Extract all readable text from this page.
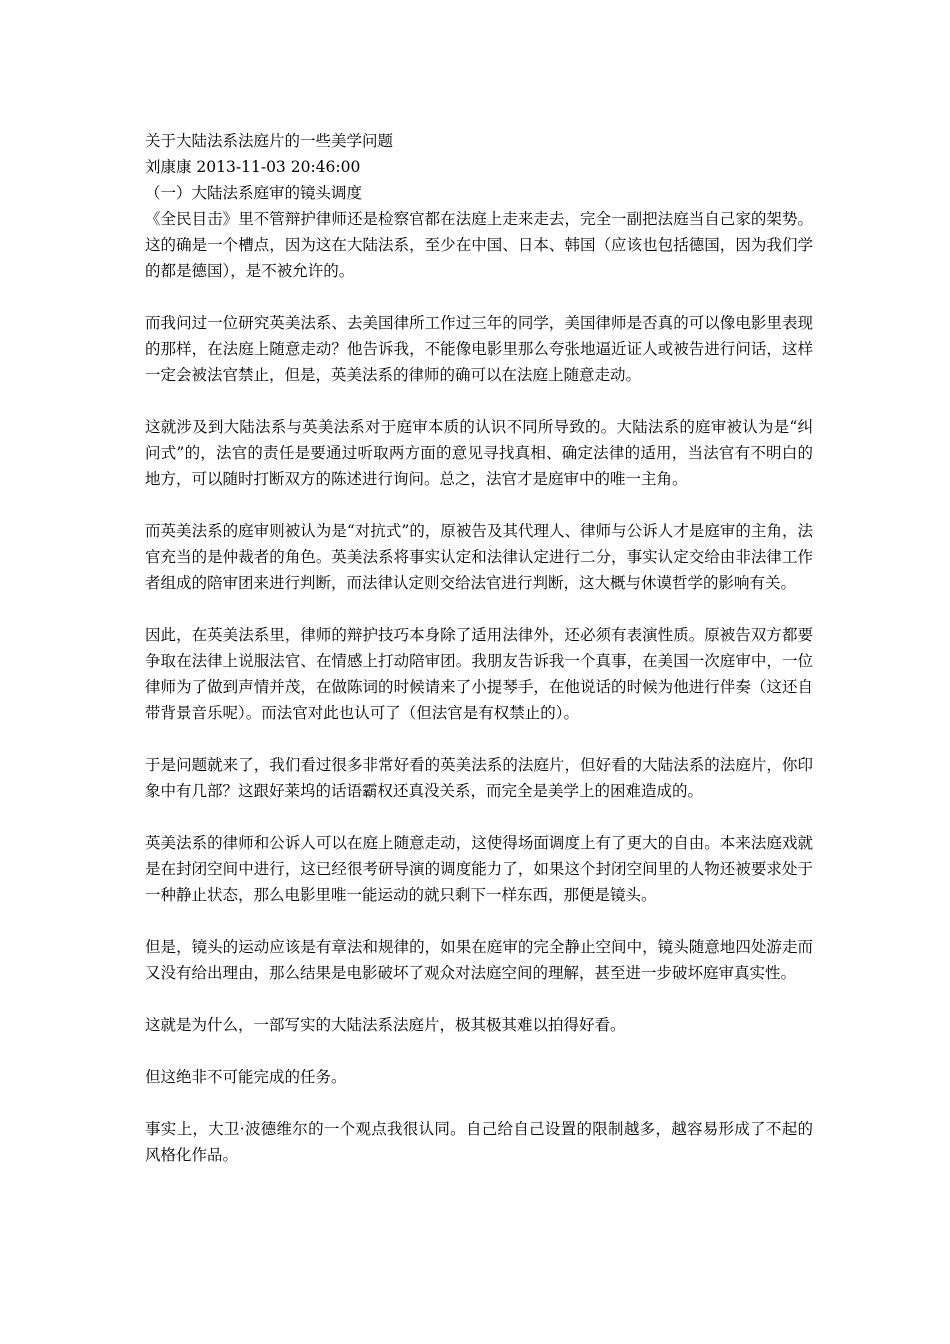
关于大陆法系法庭片的一些美学问题

刘康康 2013-11-03 20:46:00

（一）大陆法系庭审的镜头调度

《全民目击》里不管辩护律师还是检察官都在法庭上走来走去，完全一副把法庭当自己家的架势。这的确是一个槽点，因为这在大陆法系，至少在中国、日本、韩国（应该也包括德国，因为我们学的都是德国），是不被允许的。

而我问过一位研究英美法系、去美国律所工作过三年的同学，美国律师是否真的可以像电影里表现的那样，在法庭上随意走动？他告诉我，不能像电影里那么夸张地逼近证人或被告进行问话，这样一定会被法官禁止，但是，英美法系的律师的确可以在法庭上随意走动。

这就涉及到大陆法系与英美法系对于庭审本质的认识不同所导致的。大陆法系的庭审被认为是“纠问式”的，法官的责任是要通过听取两方面的意见寻找真相、确定法律的适用，当法官有不明白的地方，可以随时打断双方的陈述进行询问。总之，法官才是庭审中的唯一主角。

而英美法系的庭审则被认为是“对抗式”的，原被告及其代理人、律师与公诉人才是庭审的主角，法官充当的是仲裁者的角色。英美法系将事实认定和法律认定进行二分，事实认定交给由非法律工作者组成的陪审团来进行判断，而法律认定则交给法官进行判断，这大概与休谟哲学的影响有关。

因此，在英美法系里，律师的辩护技巧本身除了适用法律外，还必须有表演性质。原被告双方都要争取在法律上说服法官、在情感上打动陪审团。我朋友告诉我一个真事，在美国一次庭审中，一位律师为了做到声情并茂，在做陈词的时候请来了小提琴手，在他说话的时候为他进行伴奏（这还自带背景音乐呢）。而法官对此也认可了（但法官是有权禁止的）。

于是问题就来了，我们看过很多非常好看的英美法系的法庭片，但好看的大陆法系的法庭片，你印象中有几部？这跟好莱坞的话语霸权还真没关系，而完全是美学上的困难造成的。

英美法系的律师和公诉人可以在庭上随意走动，这使得场面调度上有了更大的自由。本来法庭戏就是在封闭空间中进行，这已经很考研导演的调度能力了，如果这个封闭空间里的人物还被要求处于一种静止状态，那么电影里唯一能运动的就只剩下一样东西，那便是镜头。

但是，镜头的运动应该是有章法和规律的，如果在庭审的完全静止空间中，镜头随意地四处游走而又没有给出理由，那么结果是电影破坏了观众对法庭空间的理解，甚至进一步破坏庭审真实性。

这就是为什么，一部写实的大陆法系法庭片，极其极其难以拍得好看。

但这绝非不可能完成的任务。

事实上，大卫·波德维尔的一个观点我很认同。自己给自己设置的限制越多，越容易形成了不起的风格化作品。
